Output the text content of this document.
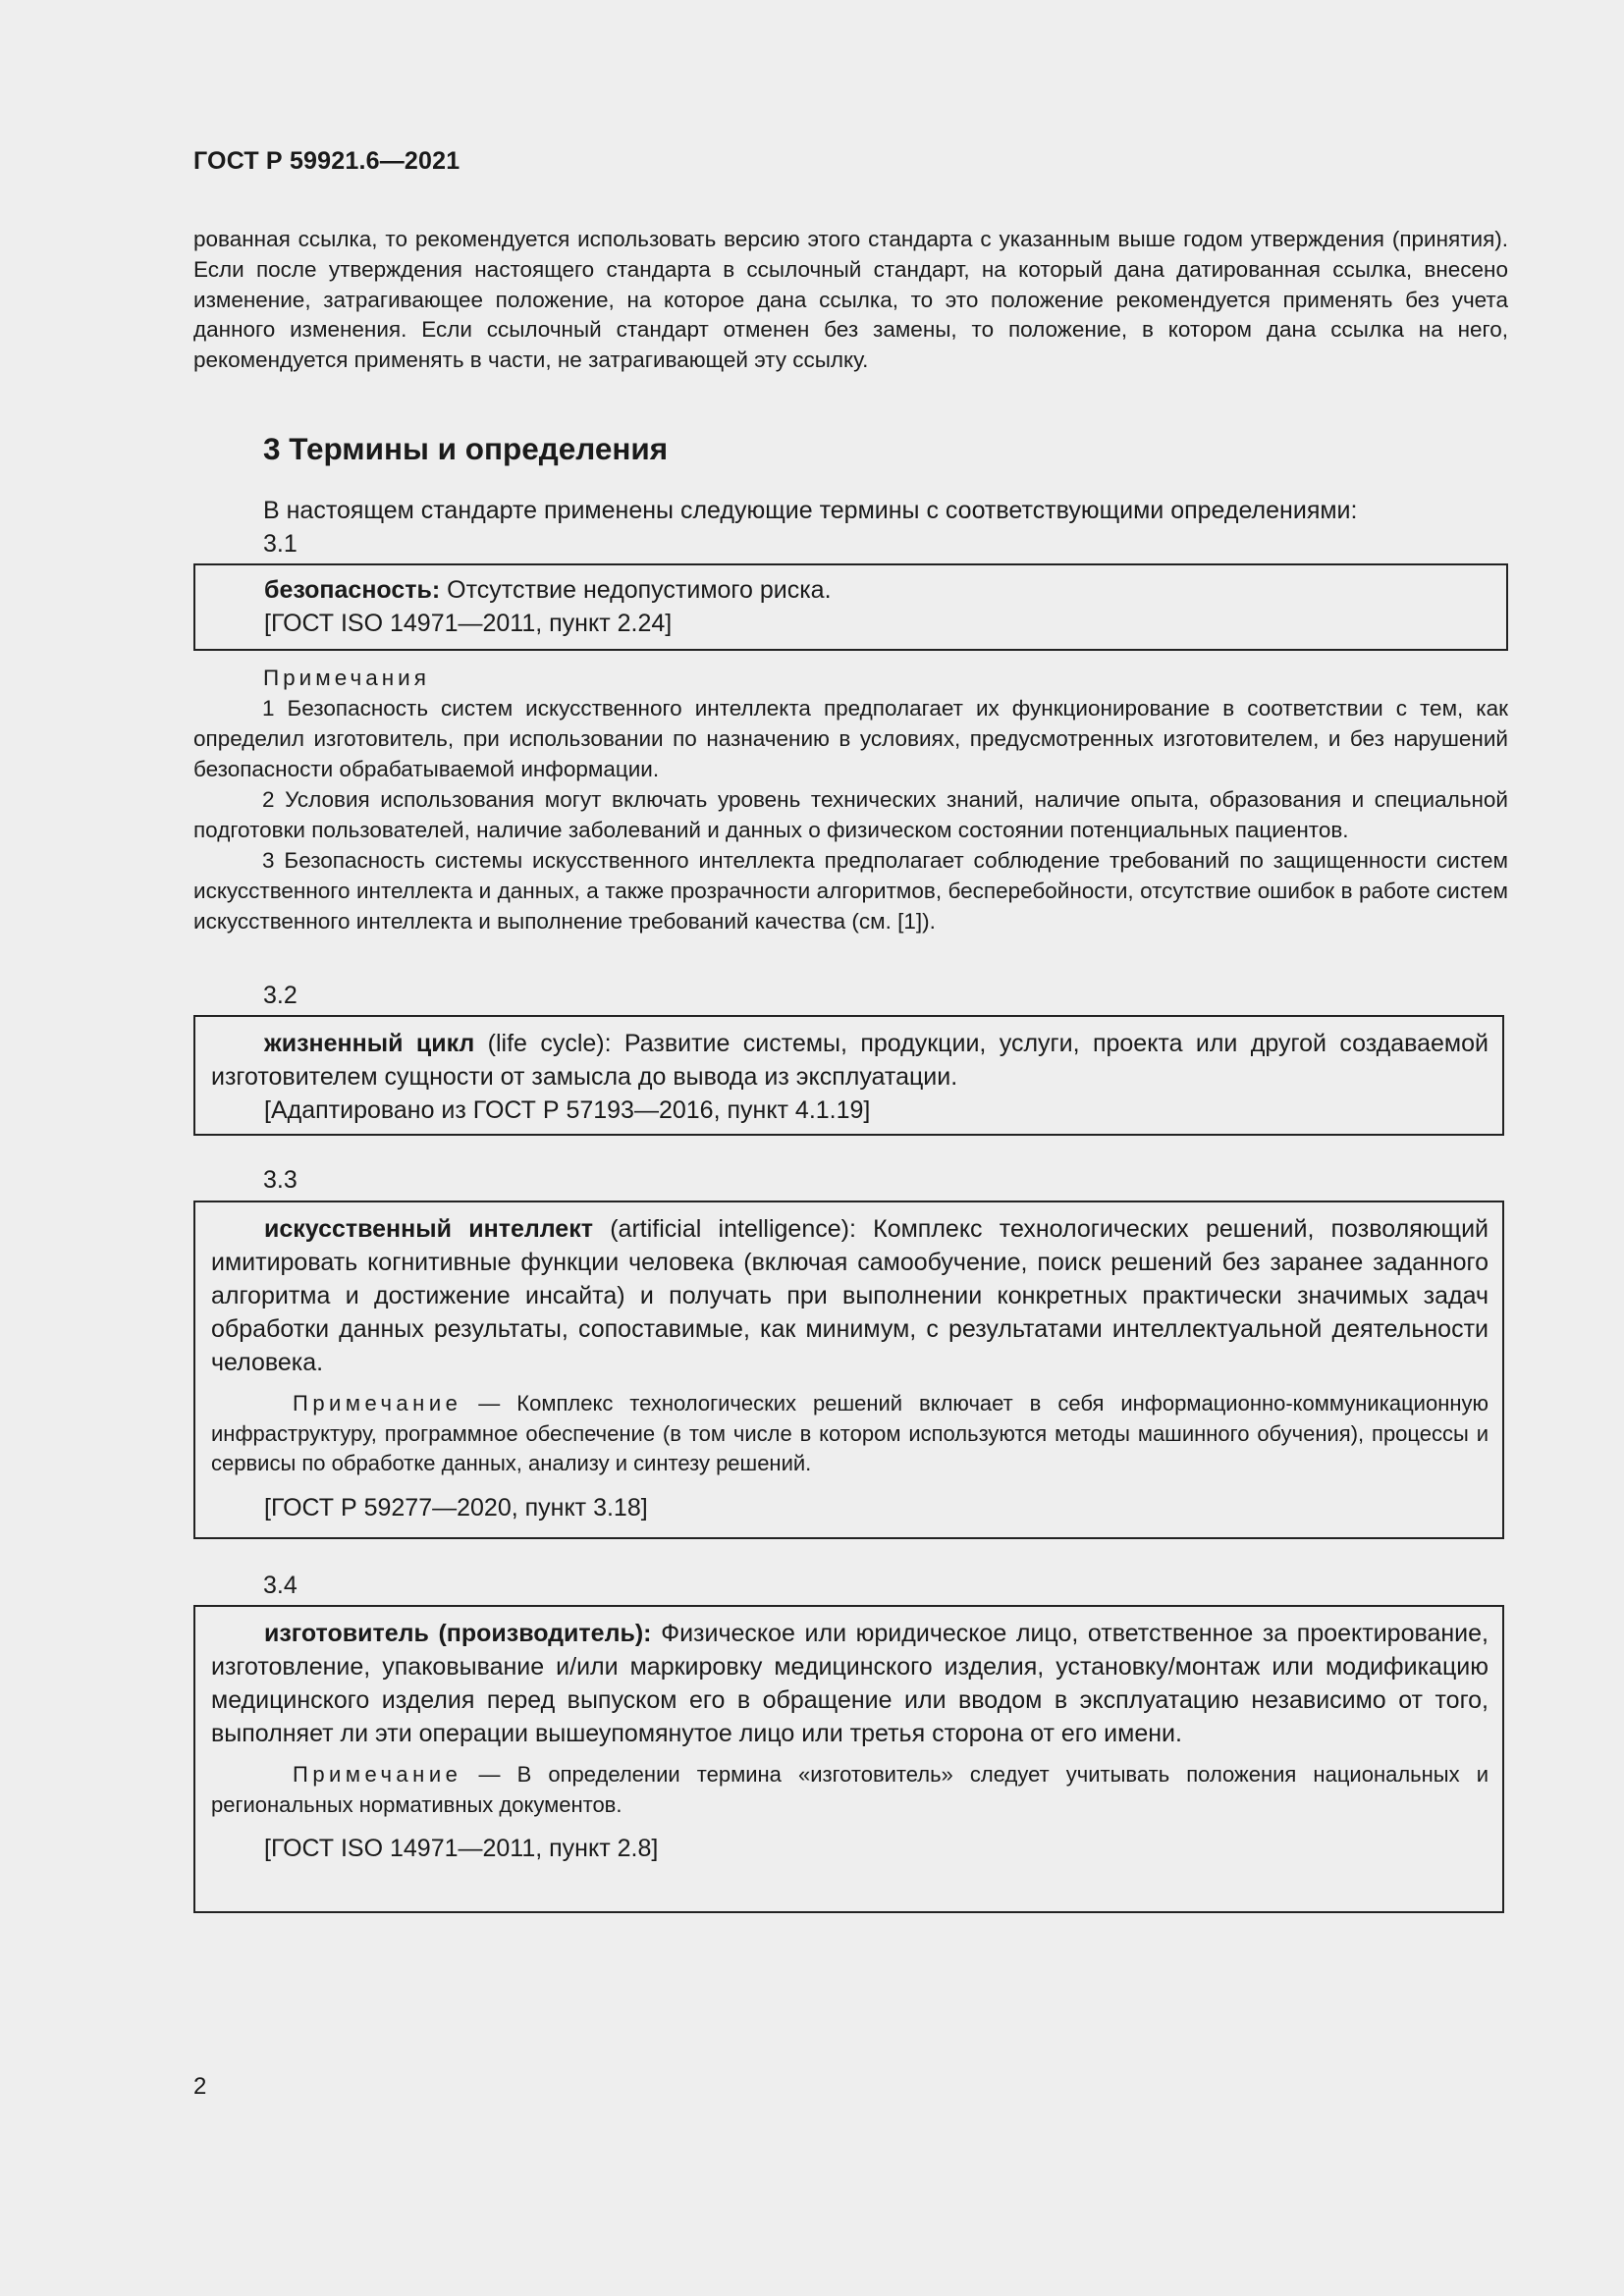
ГОСТ Р 59921.6—2021
рованная ссылка, то рекомендуется использовать версию этого стандарта с указанным выше годом утверждения (принятия). Если после утверждения настоящего стандарта в ссылочный стандарт, на который дана датированная ссылка, внесено изменение, затрагивающее положение, на которое дана ссылка, то это положение рекомендуется применять без учета данного изменения. Если ссылочный стандарт отменен без замены, то положение, в котором дана ссылка на него, рекомендуется применять в части, не затрагивающей эту ссылку.
3 Термины и определения
В настоящем стандарте применены следующие термины с соответствующими определениями:
3.1
безопасность: Отсутствие недопустимого риска.
[ГОСТ ISO 14971—2011, пункт 2.24]
Примечания
1 Безопасность систем искусственного интеллекта предполагает их функционирование в соответствии с тем, как определил изготовитель, при использовании по назначению в условиях, предусмотренных изготовителем, и без нарушений безопасности обрабатываемой информации.
2 Условия использования могут включать уровень технических знаний, наличие опыта, образования и специальной подготовки пользователей, наличие заболеваний и данных о физическом состоянии потенциальных пациентов.
3 Безопасность системы искусственного интеллекта предполагает соблюдение требований по защищенности систем искусственного интеллекта и данных, а также прозрачности алгоритмов, бесперебойности, отсутствие ошибок в работе систем искусственного интеллекта и выполнение требований качества (см. [1]).
3.2
жизненный цикл (life cycle): Развитие системы, продукции, услуги, проекта или другой создаваемой изготовителем сущности от замысла до вывода из эксплуатации.
[Адаптировано из ГОСТ Р 57193—2016, пункт 4.1.19]
3.3
искусственный интеллект (artificial intelligence): Комплекс технологических решений, позволяющий имитировать когнитивные функции человека (включая самообучение, поиск решений без заранее заданного алгоритма и достижение инсайта) и получать при выполнении конкретных практически значимых задач обработки данных результаты, сопоставимые, как минимум, с результатами интеллектуальной деятельности человека.
Примечание — Комплекс технологических решений включает в себя информационно-коммуникационную инфраструктуру, программное обеспечение (в том числе в котором используются методы машинного обучения), процессы и сервисы по обработке данных, анализу и синтезу решений.
[ГОСТ Р 59277—2020, пункт 3.18]
3.4
изготовитель (производитель): Физическое или юридическое лицо, ответственное за проектирование, изготовление, упаковывание и/или маркировку медицинского изделия, установку/монтаж или модификацию медицинского изделия перед выпуском его в обращение или вводом в эксплуатацию независимо от того, выполняет ли эти операции вышеупомянутое лицо или третья сторона от его имени.
Примечание — В определении термина «изготовитель» следует учитывать положения национальных и региональных нормативных документов.
[ГОСТ ISO 14971—2011, пункт 2.8]
2
